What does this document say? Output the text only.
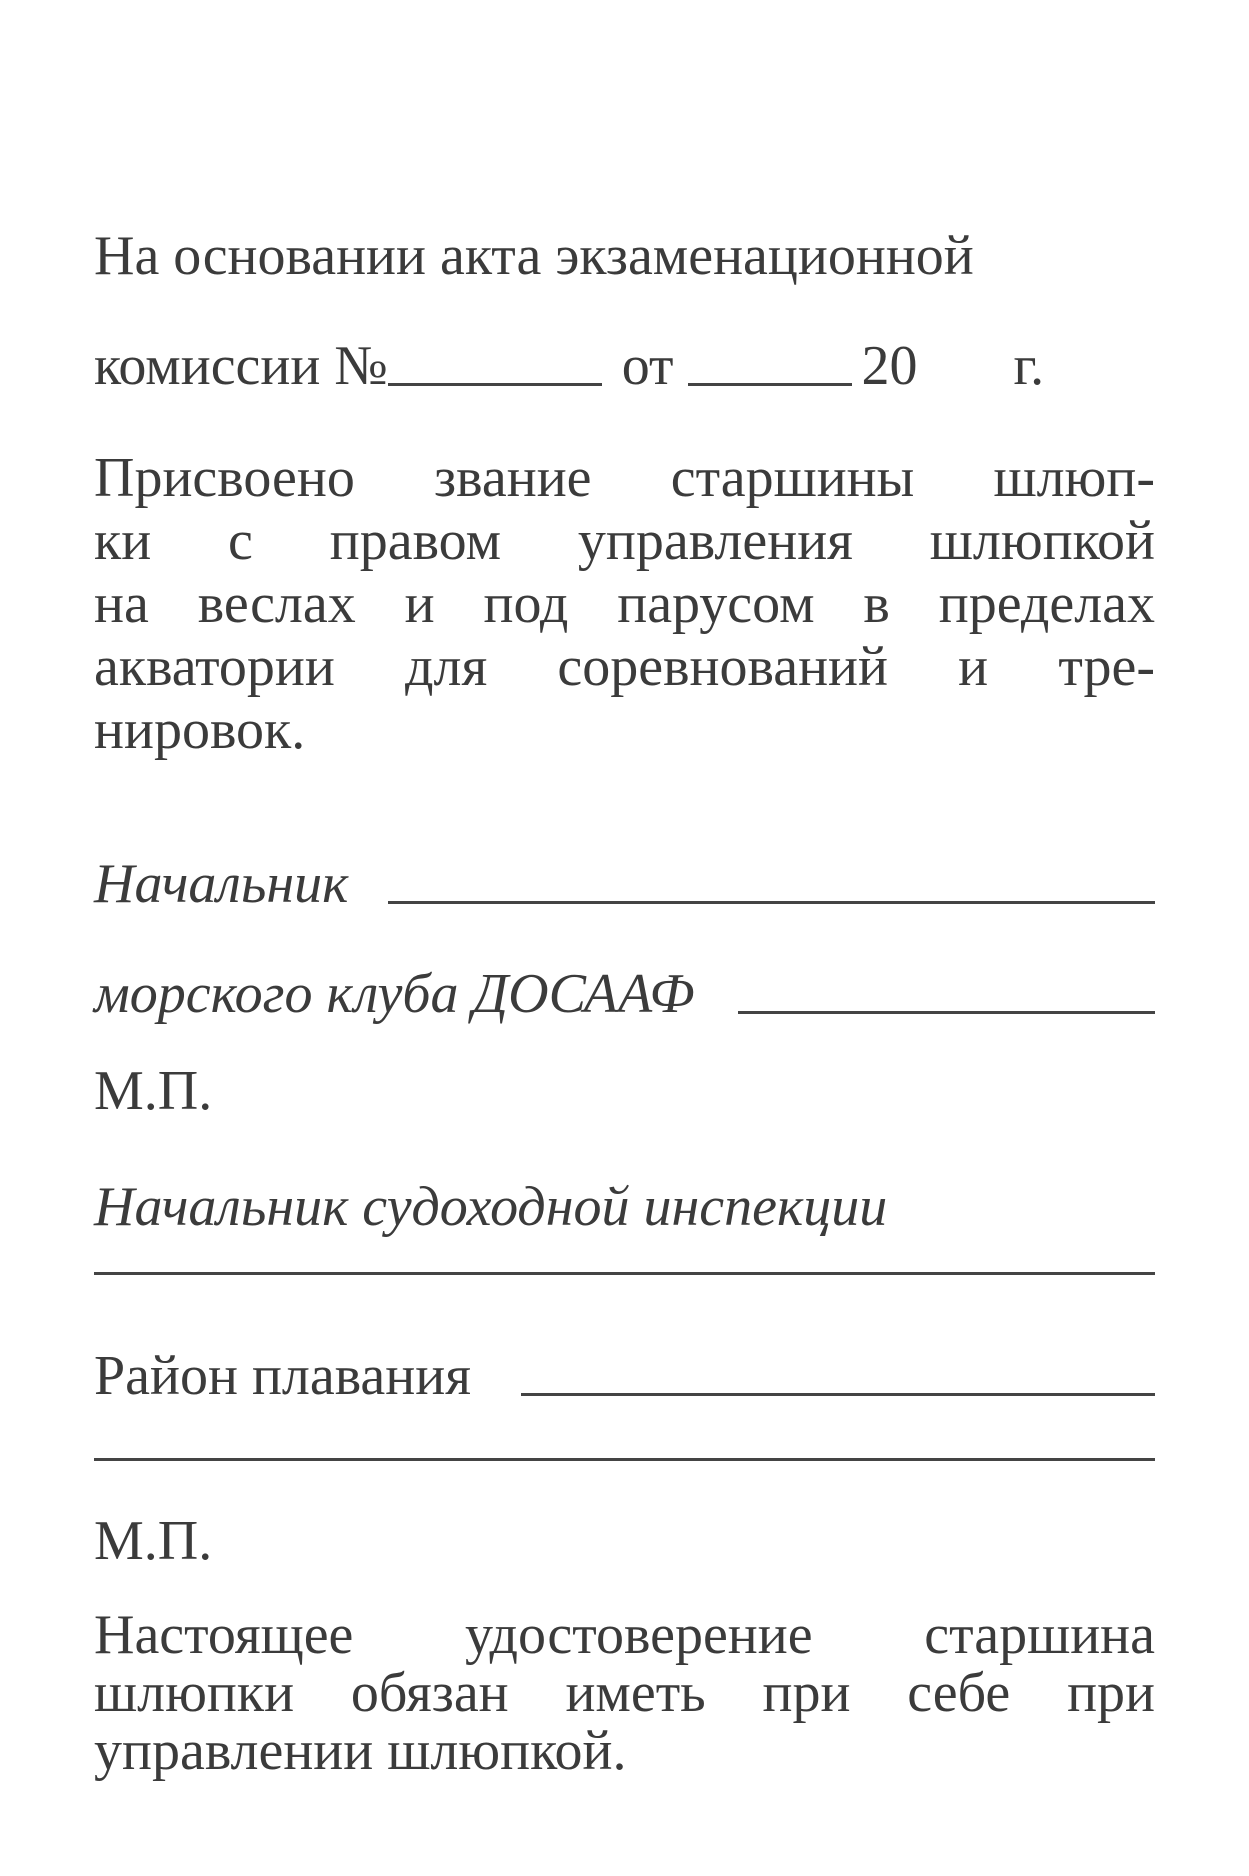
На основании акта экзаменационной
комиссии №	от	20 г.
Присвоено звание старшины шлюп-
ки с правом управления шлюпкой
на веслах и под парусом в пределах
акватории для соревнований и тре-
нировок.
Начальник
морского клуба ДОСААФ
М.П.
Начальник судоходной инспекции
Район плавания
М.П.
Настоящее удостоверение старшина
шлюпки обязан иметь при себе при
управлении шлюпкой.
